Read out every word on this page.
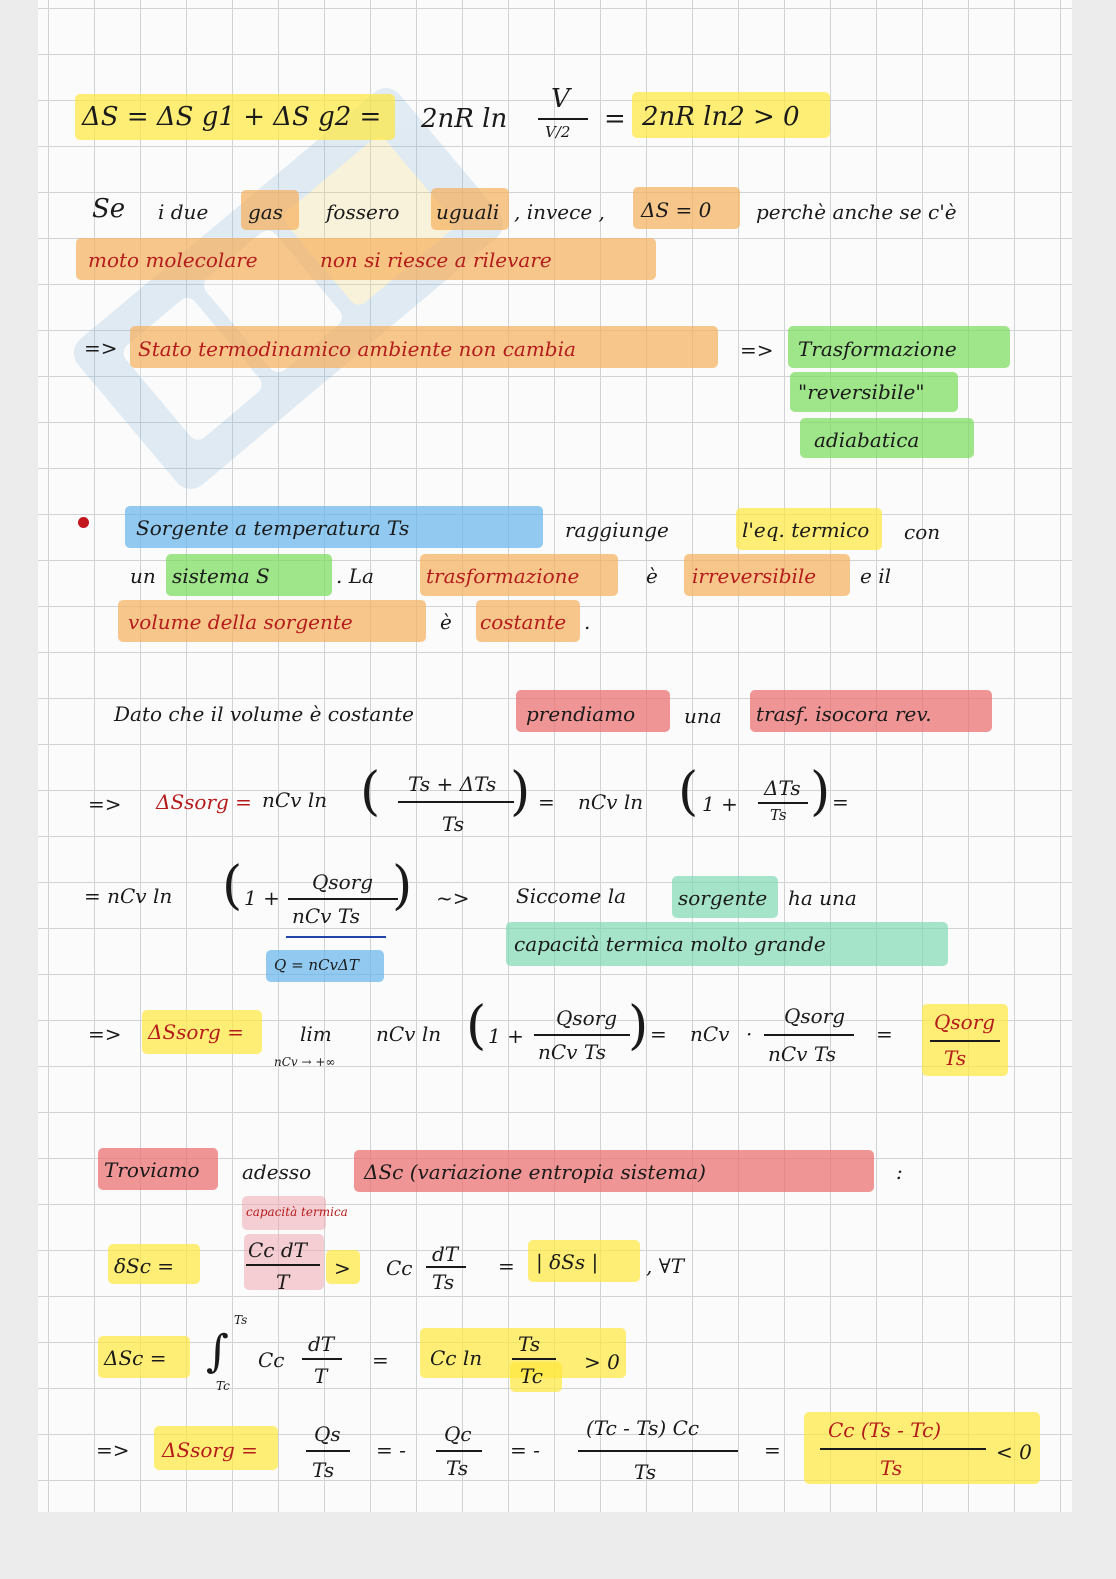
ΔS = ΔS g1 + ΔS g2 = 2nR ln
V
V/2 = 2nR ln2 > 0
Se i due gas fossero uguali , invece , ΔS = 0 perchè anche se c'è
moto molecolare	non si riesce a rilevare
=> Stato termodinamico ambiente non cambia	=> Trasformazione
"reversibile"
adiabatica
Sorgente a temperatura Ts	raggiunge	l'eq. termico con
un sistema S	. La	trasformazione	è irreversibile e il
volume della sorgente	è costante .
Dato che il volume è costante	prendiamo una trasf. isocora rev.
=> ΔSsorg = nCv ln ( Ts + ΔTs
Ts
) = nCv ln ( 1 +
ΔTs
Ts ) =
= nCv ln ( 1 +
Qsorg
nCv Ts )
Q = nCvΔT
~> Siccome la	sorgente ha una
capacità termica molto grande
=> ΔSsorg =	lim
nCv → +∞
nCv ln ( 1 +
Qsorg
nCv Ts ) = nCv ·
Qsorg
nCv Ts
= Qsorg
Ts
Troviamo adesso	ΔSc (variazione entropia sistema)	:
capacità termica
δSc =
Cc dT
T
> Cc
dT
Ts
= | δSs | , ∀T
ΔSc = ∫
Ts
Tc
Cc
dT
T
= Cc ln
Ts
Tc
> 0
=> ΔSsorg =
Qs
Ts
= -
Qc
Ts
= -
(Tc - Ts) Cc
Ts
=
Cc (Ts - Tc)
Ts
< 0
